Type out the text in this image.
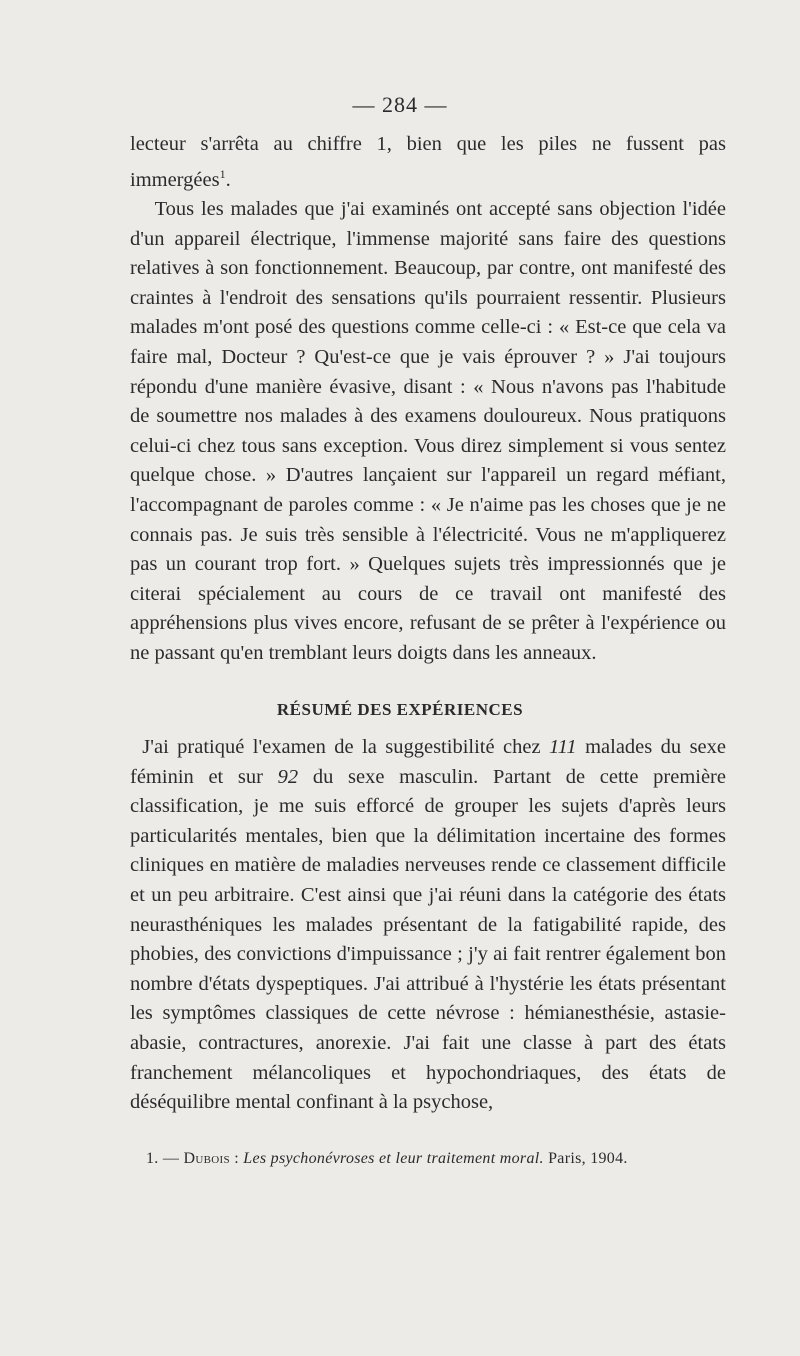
— 284 —

lecteur s'arrêta au chiffre 1, bien que les piles ne fussent pas immergées$^1$.

Tous les malades que j'ai examinés ont accepté sans objection l'idée d'un appareil électrique, l'immense majorité sans faire des questions relatives à son fonctionnement. Beaucoup, par contre, ont manifesté des craintes à l'endroit des sensations qu'ils pourraient ressentir. Plusieurs malades m'ont posé des questions comme celle-ci : « Est-ce que cela va faire mal, Docteur ? Qu'est-ce que je vais éprouver ? » J'ai toujours répondu d'une manière évasive, disant : « Nous n'avons pas l'habitude de soumettre nos malades à des examens douloureux. Nous pratiquons celui-ci chez tous sans exception. Vous direz simplement si vous sentez quelque chose. » D'autres lançaient sur l'appareil un regard méfiant, l'accompagnant de paroles comme : « Je n'aime pas les choses que je ne connais pas. Je suis très sensible à l'électricité. Vous ne m'appliquerez pas un courant trop fort. » Quelques sujets très impressionnés que je citerai spécialement au cours de ce travail ont manifesté des appréhensions plus vives encore, refusant de se prêter à l'expérience ou ne passant qu'en tremblant leurs doigts dans les anneaux.

RÉSUMÉ DES EXPÉRIENCES

J'ai pratiqué l'examen de la suggestibilité chez 111 malades du sexe féminin et sur 92 du sexe masculin. Partant de cette première classification, je me suis efforcé de grouper les sujets d'après leurs particularités mentales, bien que la délimitation incertaine des formes cliniques en matière de maladies nerveuses rende ce classement difficile et un peu arbitraire. C'est ainsi que j'ai réuni dans la catégorie des états neurasthéniques les malades présentant de la fatigabilité rapide, des phobies, des convictions d'impuissance ; j'y ai fait rentrer également bon nombre d'états dyspeptiques. J'ai attribué à l'hystérie les états présentant les symptômes classiques de cette névrose : hémianesthésie, astasie-abasie, contractures, anorexie. J'ai fait une classe à part des états franchement mélancoliques et hypochondriaques, des états de déséquilibre mental confinant à la psychose,

1. — Dubois : Les psychonévroses et leur traitement moral. Paris, 1904.
